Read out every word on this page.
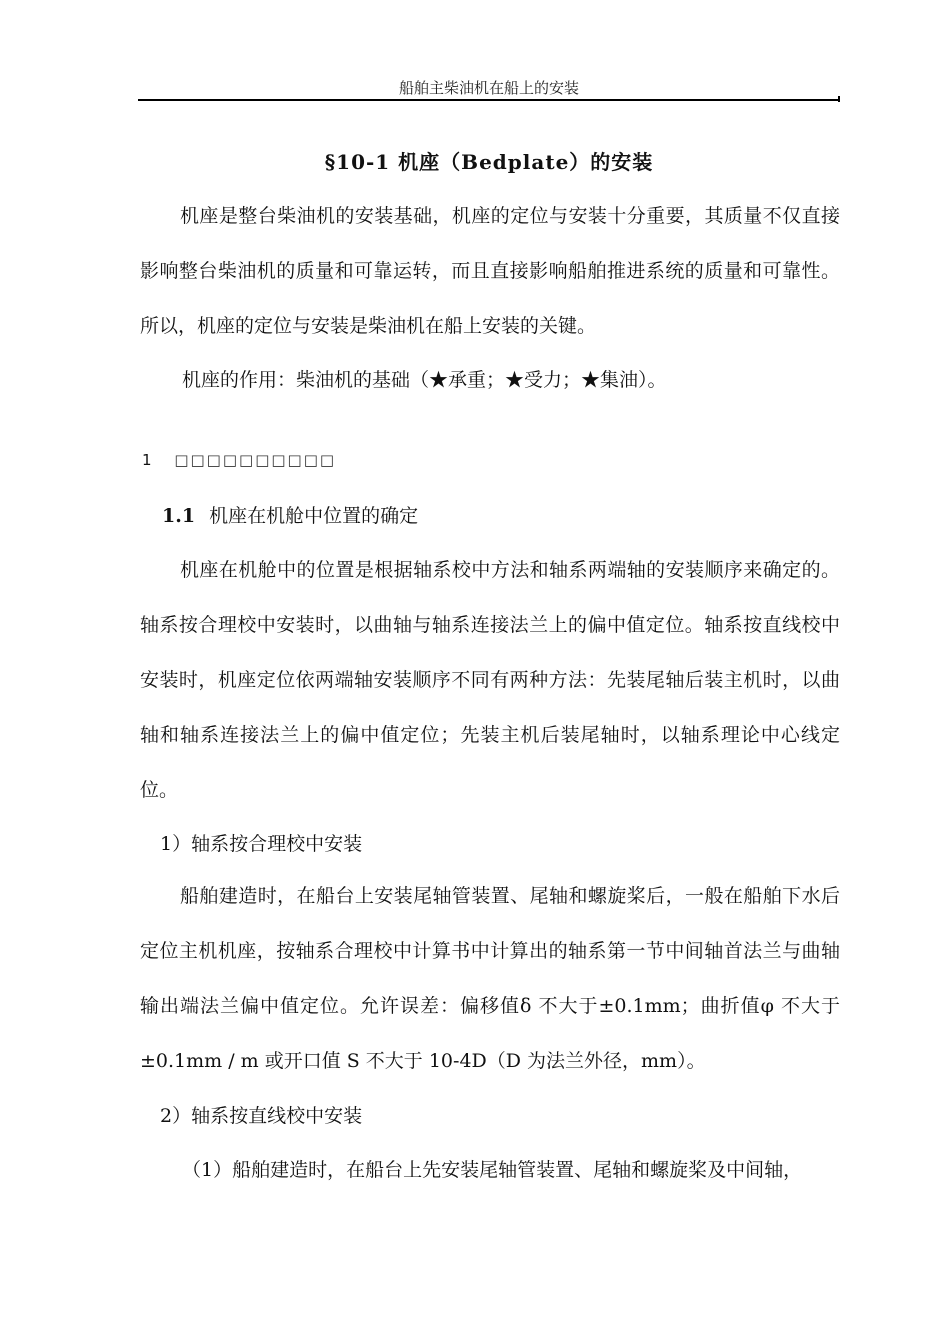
船舶主柴油机在船上的安装
§10-1 机座（Bedplate）的安装

机座是整台柴油机的安装基础，机座的定位与安装十分重要，其质量不仅直接影响整台柴油机的质量和可靠运转，而且直接影响船舶推进系统的质量和可靠性。所以，机座的定位与安装是柴油机在船上安装的关键。

机座的作用：柴油机的基础（★承重；★受力；★集油）。
1 □□□□□□□□□□
1.1 机座在机舱中位置的确定

机座在机舱中的位置是根据轴系校中方法和轴系两端轴的安装顺序来确定的。轴系按合理校中安装时，以曲轴与轴系连接法兰上的偏中值定位。轴系按直线校中安装时，机座定位依两端轴安装顺序不同有两种方法：先装尾轴后装主机时，以曲轴和轴系连接法兰上的偏中值定位；先装主机后装尾轴时，以轴系理论中心线定位。

1）轴系按合理校中安装

船舶建造时，在船台上安装尾轴管装置、尾轴和螺旋桨后，一般在船舶下水后定位主机机座，按轴系合理校中计算书中计算出的轴系第一节中间轴首法兰与曲轴输出端法兰偏中值定位。允许误差：偏移值δ 不大于±0.1mm；曲折值φ 不大于±0.1mm / m 或开口值 S 不大于 10-4D（D 为法兰外径，mm）。

2）轴系按直线校中安装
（1）船舶建造时，在船台上先安装尾轴管装置、尾轴和螺旋桨及中间轴，
